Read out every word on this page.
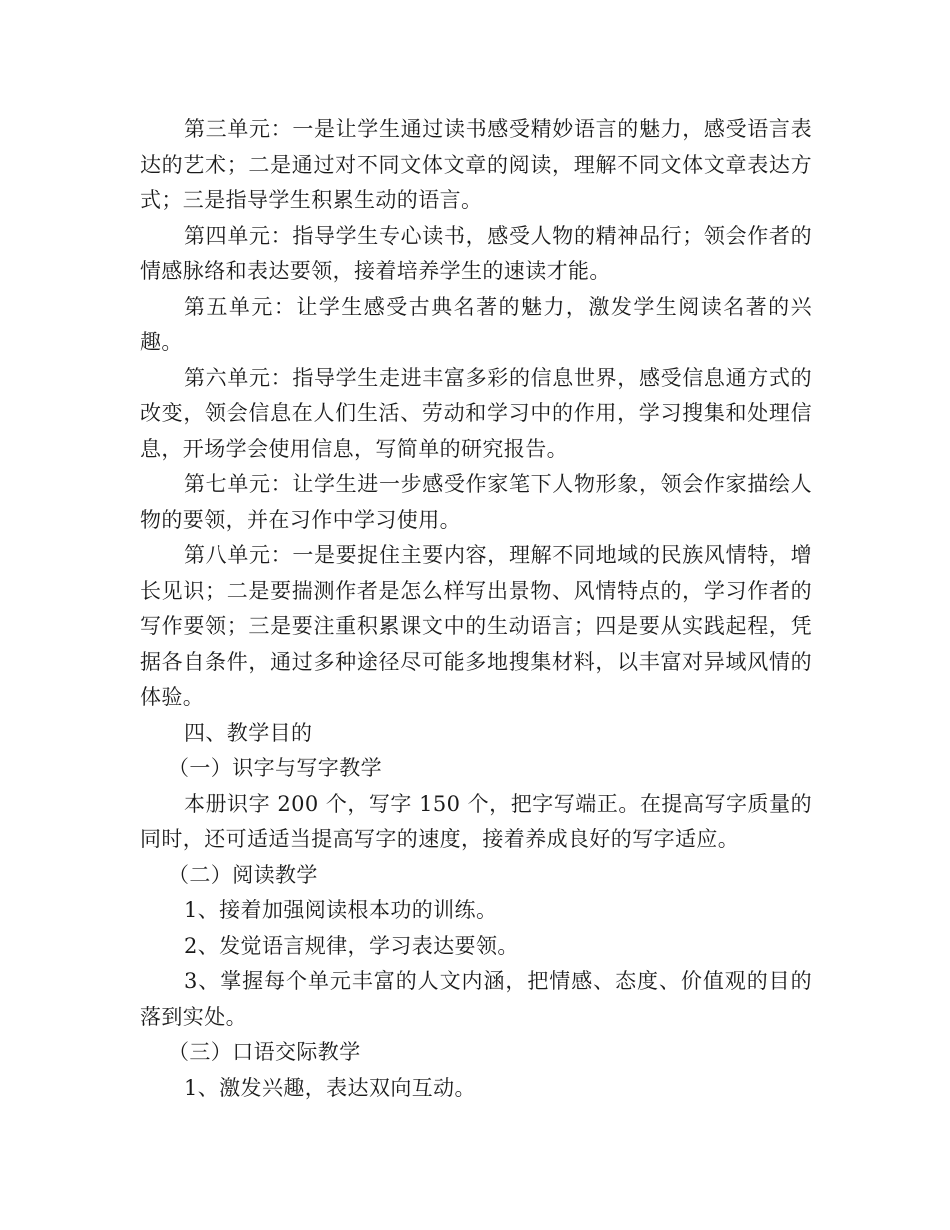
第三单元：一是让学生通过读书感受精妙语言的魅力，感受语言表达的艺术；二是通过对不同文体文章的阅读，理解不同文体文章表达方式；三是指导学生积累生动的语言。

第四单元：指导学生专心读书，感受人物的精神品行；领会作者的情感脉络和表达要领，接着培养学生的速读才能。

第五单元：让学生感受古典名著的魅力，激发学生阅读名著的兴趣。

第六单元：指导学生走进丰富多彩的信息世界，感受信息通方式的改变，领会信息在人们生活、劳动和学习中的作用，学习搜集和处理信息，开场学会使用信息，写简单的研究报告。

第七单元：让学生进一步感受作家笔下人物形象，领会作家描绘人物的要领，并在习作中学习使用。

第八单元：一是要捉住主要内容，理解不同地域的民族风情特，增长见识；二是要揣测作者是怎么样写出景物、风情特点的，学习作者的写作要领；三是要注重积累课文中的生动语言；四是要从实践起程，凭据各自条件，通过多种途径尽可能多地搜集材料，以丰富对异域风情的体验。

四、教学目的

（一）识字与写字教学

本册识字 200 个，写字 150 个，把字写端正。在提高写字质量的同时，还可适适当提高写字的速度，接着养成良好的写字适应。

（二）阅读教学

1、接着加强阅读根本功的训练。

2、发觉语言规律，学习表达要领。

3、掌握每个单元丰富的人文内涵，把情感、态度、价值观的目的落到实处。

（三）口语交际教学

1、激发兴趣，表达双向互动。
